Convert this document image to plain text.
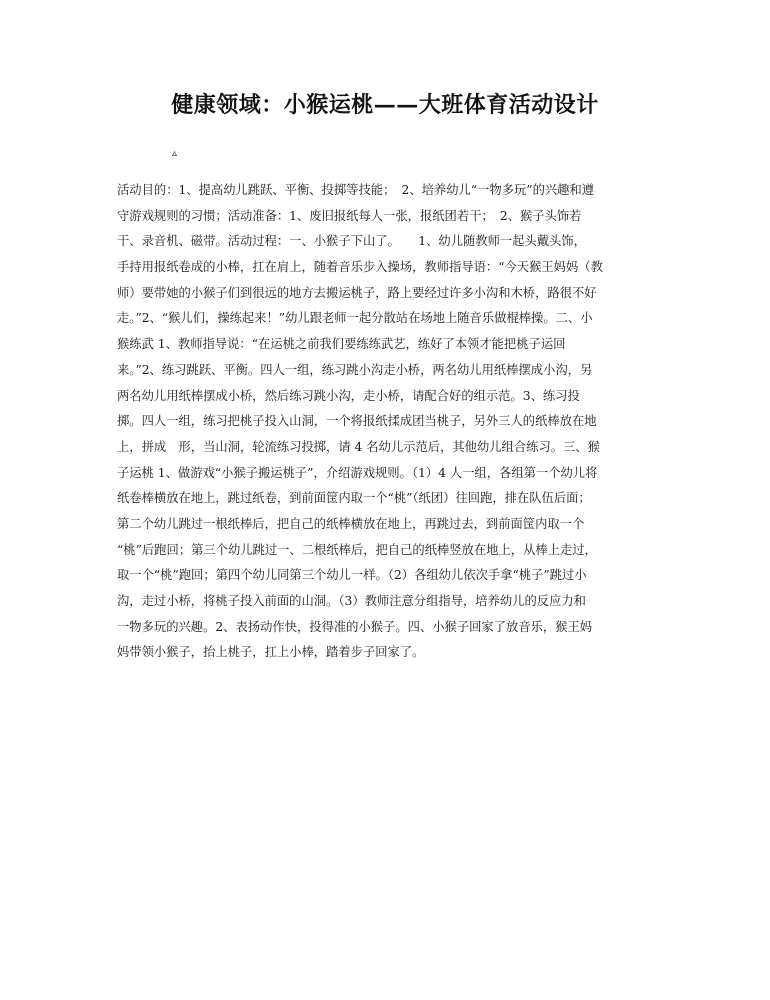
健康领域：小猴运桃——大班体育活动设计
▵
活动目的：1、提高幼儿跳跃、平衡、投掷等技能；　2、培养幼儿“一物多玩”的兴趣和遵
守游戏规则的习惯；活动准备：1、废旧报纸每人一张，报纸团若干；　2、猴子头饰若
干、录音机、磁带。活动过程：一、小猴子下山了。　　1、幼儿随教师一起头戴头饰，
手持用报纸卷成的小棒，扛在肩上，随着音乐步入操场，教师指导语：“今天猴王妈妈（教
师）要带她的小猴子们到很远的地方去搬运桃子，路上要经过许多小沟和木桥，路很不好
走。”2、“猴儿们，操练起来！”幼儿跟老师一起分散站在场地上随音乐做棍棒操。二、小
猴练武 1、教师指导说：“在运桃之前我们要练练武艺，练好了本领才能把桃子运回
来。”2、练习跳跃、平衡。四人一组，练习跳小沟走小桥，两名幼儿用纸棒摆成小沟，另
两名幼儿用纸棒摆成小桥，然后练习跳小沟，走小桥，请配合好的组示范。3、练习投
掷。四人一组，练习把桃子投入山洞，一个将报纸揉成团当桃子，另外三人的纸棒放在地
上，拼成　形，当山洞，轮流练习投掷，请 4 名幼儿示范后，其他幼儿组合练习。三、猴
子运桃 1、做游戏“小猴子搬运桃子”，介绍游戏规则。（1）4 人一组，各组第一个幼儿将
纸卷棒横放在地上，跳过纸卷，到前面筐内取一个“桃”（纸团）往回跑，排在队伍后面；
第二个幼儿跳过一根纸棒后，把自己的纸棒横放在地上，再跳过去，到前面筐内取一个
“桃”后跑回；第三个幼儿跳过一、二根纸棒后，把自己的纸棒竖放在地上，从棒上走过，
取一个“桃”跑回；第四个幼儿同第三个幼儿一样。（2）各组幼儿依次手拿“桃子”跳过小
沟，走过小桥，将桃子投入前面的山洞。（3）教师注意分组指导，培养幼儿的反应力和
一物多玩的兴趣。2、表扬动作快，投得准的小猴子。四、小猴子回家了放音乐，猴王妈
妈带领小猴子，抬上桃子，扛上小棒，踏着步子回家了。
